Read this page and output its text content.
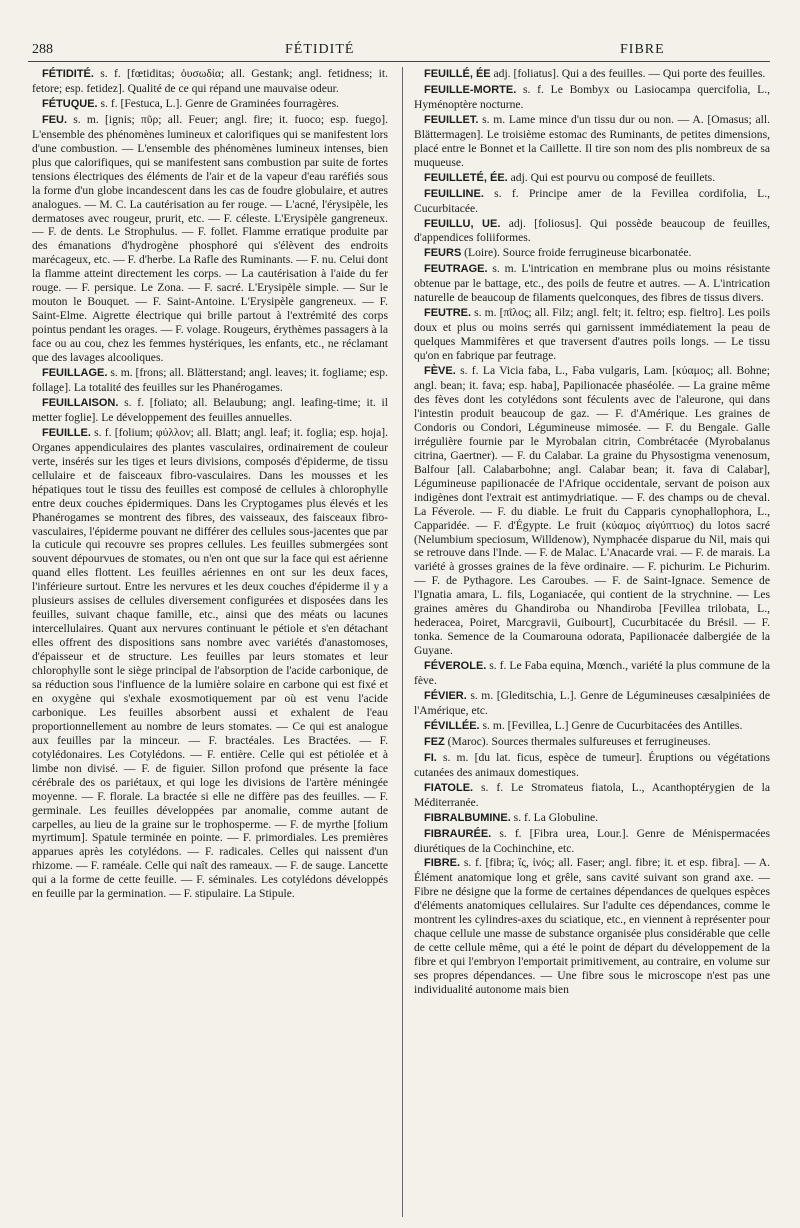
288	FÉTIDITÉ	FIBRE

FÉTIDITÉ. s. f. [fœtiditas; ὀυσωδία; all. Gestank; angl. fetidness; it. fetore; esp. fetidez]. Qualité de ce qui répand une mauvaise odeur.

FÉTUQUE. s. f. [Festuca, L.]. Genre de Graminées fourragères.

FEU. s. m. [ignis; πῦρ; all. Feuer; angl. fire; it. fuoco; esp. fuego]. L'ensemble des phénomènes lumineux et calorifiques qui se manifestent lors d'une combustion. — L'ensemble des phénomènes lumineux intenses, bien plus que calorifiques, qui se manifestent sans combustion par suite de fortes tensions électriques des éléments de l'air et de la vapeur d'eau raréfiés sous la forme d'un globe incandescent dans les cas de foudre globulaire, et autres analogues. — M. C. La cautérisation au fer rouge. — L'acné, l'érysipèle, les dermatoses avec rougeur, prurit, etc. — F. céleste. L'Erysipèle gangreneux. — F. de dents. Le Strophulus. — F. follet. Flamme erratique produite par des émanations d'hydrogène phosphoré qui s'élèvent des endroits marécageux, etc. — F. d'herbe. La Rafle des Ruminants. — F. nu. Celui dont la flamme atteint directement les corps. — La cautérisation à l'aide du fer rouge. — F. persique. Le Zona. — F. sacré. L'Erysipèle simple. — Sur le mouton le Bouquet. — F. Saint-Antoine. L'Erysipèle gangreneux. — F. Saint-Elme. Aigrette électrique qui brille partout à l'extrémité des corps pointus pendant les orages. — F. volage. Rougeurs, érythèmes passagers à la face ou au cou, chez les femmes hystériques, les enfants, etc., ne réclamant que des lavages alcooliques.

FEUILLAGE. s. m. [frons; all. Blätterstand; angl. leaves; it. fogliame; esp. follage]. La totalité des feuilles sur les Phanérogames.

FEUILLAISON. s. f. [foliato; all. Belaubung; angl. leafing-time; it. il metter foglie]. Le développement des feuilles annuelles.

FEUILLE. s. f. [folium; φύλλον; all. Blatt; angl. leaf; it. foglia; esp. hoja]. Organes appendiculaires des plantes vasculaires, ordinairement de couleur verte, insérés sur les tiges et leurs divisions, composés d'épiderme, de tissu cellulaire et de faisceaux fibro-vasculaires. Dans les mousses et les hépatiques tout le tissu des feuilles est composé de cellules à chlorophylle entre deux couches épidermiques. Dans les Cryptogames plus élevés et les Phanérogames se montrent des fibres, des vaisseaux, des faisceaux fibro-vasculaires, l'épiderme pouvant ne différer des cellules sous-jacentes que par la cuticule qui recouvre ses propres cellules. Les feuilles submergées sont souvent dépourvues de stomates, ou n'en ont que sur la face qui est aérienne quand elles flottent. Les feuilles aériennes en ont sur les deux faces, l'inférieure surtout. Entre les nervures et les deux couches d'épiderme il y a plusieurs assises de cellules diversement configurées et disposées dans les feuilles, suivant chaque famille, etc., ainsi que des méats ou lacunes intercellulaires. Quant aux nervures continuant le pétiole et s'en détachant elles offrent des dispositions sans nombre avec variétés d'anastomoses, d'épaisseur et de structure. Les feuilles par leurs stomates et leur chlorophylle sont le siège principal de l'absorption de l'acide carbonique, de sa réduction sous l'influence de la lumière solaire en carbone qui est fixé et en oxygène qui s'exhale exosmotiquement par où est venu l'acide carbonique. Les feuilles absorbent aussi et exhalent de l'eau proportionnellement au nombre de leurs stomates. — Ce qui est analogue aux feuilles par la minceur. — F. bractéales. Les Bractées. — F. cotylédonaires. Les Cotylédons. — F. entière. Celle qui est pétiolée et à limbe non divisé. — F. de figuier. Sillon profond que présente la face cérébrale des os pariétaux, et qui loge les divisions de l'artère méningée moyenne. — F. florale. La bractée si elle ne diffère pas des feuilles. — F. germinale. Les feuilles développées par anomalie, comme autant de carpelles, au lieu de la graine sur le trophosperme. — F. de myrthe [folium myrtimum]. Spatule terminée en pointe. — F. primordiales. Les premières apparues après les cotylédons. — F. radicales. Celles qui naissent d'un rhizome. — F. raméale. Celle qui naît des rameaux. — F. de sauge. Lancette qui a la forme de cette feuille. — F. séminales. Les cotylédons développés en feuille par la germination. — F. stipulaire. La Stipule.

FEUILLÉ, ÉE adj. [foliatus]. Qui a des feuilles. — Qui porte des feuilles.

FEUILLE-MORTE. s. f. Le Bombyx ou Lasiocampa quercifolia, L., Hyménoptère nocturne.

FEUILLET. s. m. Lame mince d'un tissu dur ou non. — A. [Omasus; all. Blättermagen]. Le troisième estomac des Ruminants, de petites dimensions, placé entre le Bonnet et la Caillette. Il tire son nom des plis nombreux de sa muqueuse.

FEUILLETÉ, ÉE. adj. Qui est pourvu ou composé de feuillets.

FEUILLINE. s. f. Principe amer de la Fevillea cordifolia, L., Cucurbitacée.

FEUILLU, UE. adj. [foliosus]. Qui possède beaucoup de feuilles, d'appendices foliiformes.

FEURS (Loire). Source froide ferrugineuse bicarbonatée.

FEUTRAGE. s. m. L'intrication en membrane plus ou moins résistante obtenue par le battage, etc., des poils de feutre et autres. — A. L'intrication naturelle de beaucoup de filaments quelconques, des fibres de tissus divers.

FEUTRE. s. m. [πῖλος; all. Filz; angl. felt; it. feltro; esp. fieltro]. Les poils doux et plus ou moins serrés qui garnissent immédiatement la peau de quelques Mammifères et que traversent d'autres poils longs. — Le tissu qu'on en fabrique par feutrage.

FÈVE. s. f. La Vicia faba, L., Faba vulgaris, Lam. [κύαμος; all. Bohne; angl. bean; it. fava; esp. haba], Papilionacée phaséolée. — La graine même des fèves dont les cotylédons sont féculents avec de l'aleurone, qui dans l'intestin produit beaucoup de gaz. — F. d'Amérique. Les graines de Condoris ou Condori, Légumineuse mimosée. — F. du Bengale. Galle irrégulière fournie par le Myrobalan citrin, Combrétacée (Myrobalanus citrina, Gaertner). — F. du Calabar. La graine du Physostigma venenosum, Balfour [all. Calabarbohne; angl. Calabar bean; it. fava di Calabar], Légumineuse papilionacée de l'Afrique occidentale, servant de poison aux indigènes dont l'extrait est antimydriatique. — F. des champs ou de cheval. La Féverole. — F. du diable. Le fruit du Capparis cynophallophora, L., Capparidée. — F. d'Égypte. Le fruit (κύαμος αἰγύπτιος) du lotos sacré (Nelumbium speciosum, Willdenow), Nymphacée disparue du Nil, mais qui se retrouve dans l'Inde. — F. de Malac. L'Anacarde vrai. — F. de marais. La variété à grosses graines de la fève ordinaire. — F. pichurim. Le Pichurim. — F. de Pythagore. Les Caroubes. — F. de Saint-Ignace. Semence de l'Ignatia amara, L. fils, Loganiacée, qui contient de la strychnine. — Les graines amères du Ghandiroba ou Nhandiroba [Fevillea trilobata, L., hederacea, Poiret, Marcgravii, Guibourt], Cucurbitacée du Brésil. — F. tonka. Semence de la Coumarouna odorata, Papilionacée dalbergiée de la Guyane.

FÉVEROLE. s. f. Le Faba equina, Mœnch., variété la plus commune de la fève.

FÉVIER. s. m. [Gleditschia, L.]. Genre de Légumineuses cæsalpiniées de l'Amérique, etc.

FÉVILLÉE. s. m. [Fevillea, L.] Genre de Cucurbitacées des Antilles.

FEZ (Maroc). Sources thermales sulfureuses et ferrugineuses.

FI. s. m. [du lat. ficus, espèce de tumeur]. Éruptions ou végétations cutanées des animaux domestiques.

FIATOLE. s. f. Le Stromateus fiatola, L., Acanthoptérygien de la Méditerranée.

FIBRALBUMINE. s. f. La Globuline.

FIBRAURÉE. s. f. [Fibra urea, Lour.]. Genre de Ménispermacées diurétiques de la Cochinchine, etc.

FIBRE. s. f. [fibra; ἴς, ἰνός; all. Faser; angl. fibre; it. et esp. fibra]. — A. Élément anatomique long et grêle, sans cavité suivant son grand axe. — Fibre ne désigne que la forme de certaines dépendances de quelques espèces d'éléments anatomiques cellulaires. Sur l'adulte ces dépendances, comme le montrent les cylindres-axes du sciatique, etc., en viennent à représenter pour chaque cellule une masse de substance organisée plus considérable que celle de cette cellule même, qui a été le point de départ du développement de la fibre et qui l'embryon l'emportait primitivement, au contraire, en volume sur ses propres dépendances. — Une fibre sous le microscope n'est pas une individualité autonome mais bien
